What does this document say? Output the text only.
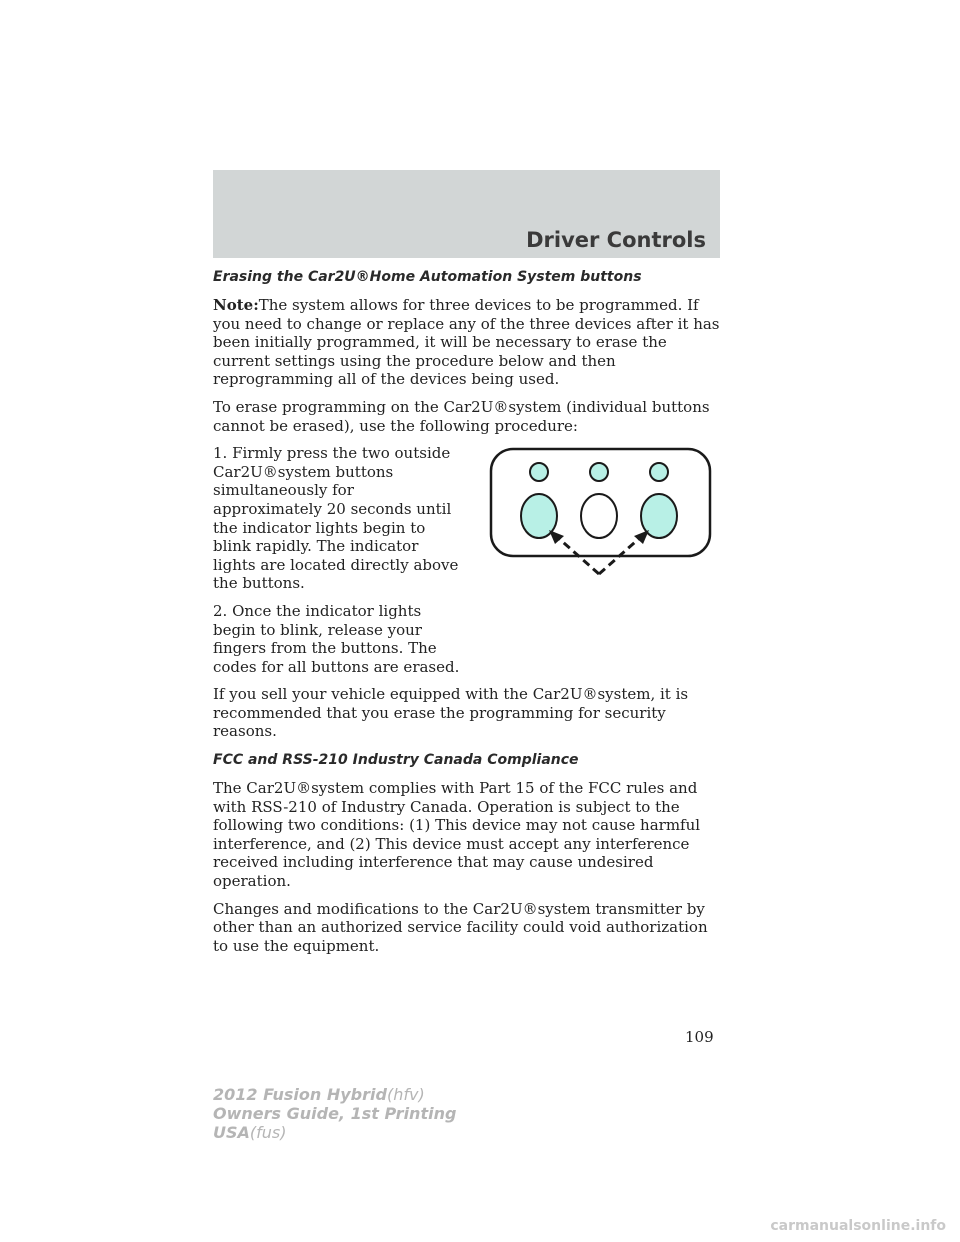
Driver Controls
Erasing the Car2U®Home Automation System buttons

Note:The system allows for three devices to be programmed. If you need to change or replace any of the three devices after it has been initially programmed, it will be necessary to erase the current settings using the procedure below and then reprogramming all of the devices being used.

To erase programming on the Car2U®system (individual buttons cannot be erased), use the following procedure:

1. Firmly press the two outside Car2U®system buttons simultaneously for approximately 20 seconds until the indicator lights begin to blink rapidly. The indicator lights are located directly above the buttons.

2. Once the indicator lights begin to blink, release your fingers from the buttons. The codes for all buttons are erased.

If you sell your vehicle equipped with the Car2U®system, it is recommended that you erase the programming for security reasons.

FCC and RSS-210 Industry Canada Compliance

The Car2U®system complies with Part 15 of the FCC rules and with RSS-210 of Industry Canada. Operation is subject to the following two conditions: (1) This device may not cause harmful interference, and (2) This device must accept any interference received including interference that may cause undesired operation.

Changes and modifications to the Car2U®system transmitter by other than an authorized service facility could void authorization to use the equipment.

109
2012 Fusion Hybrid(hfv)
Owners Guide, 1st Printing
USA(fus)
carmanualsonline.info
